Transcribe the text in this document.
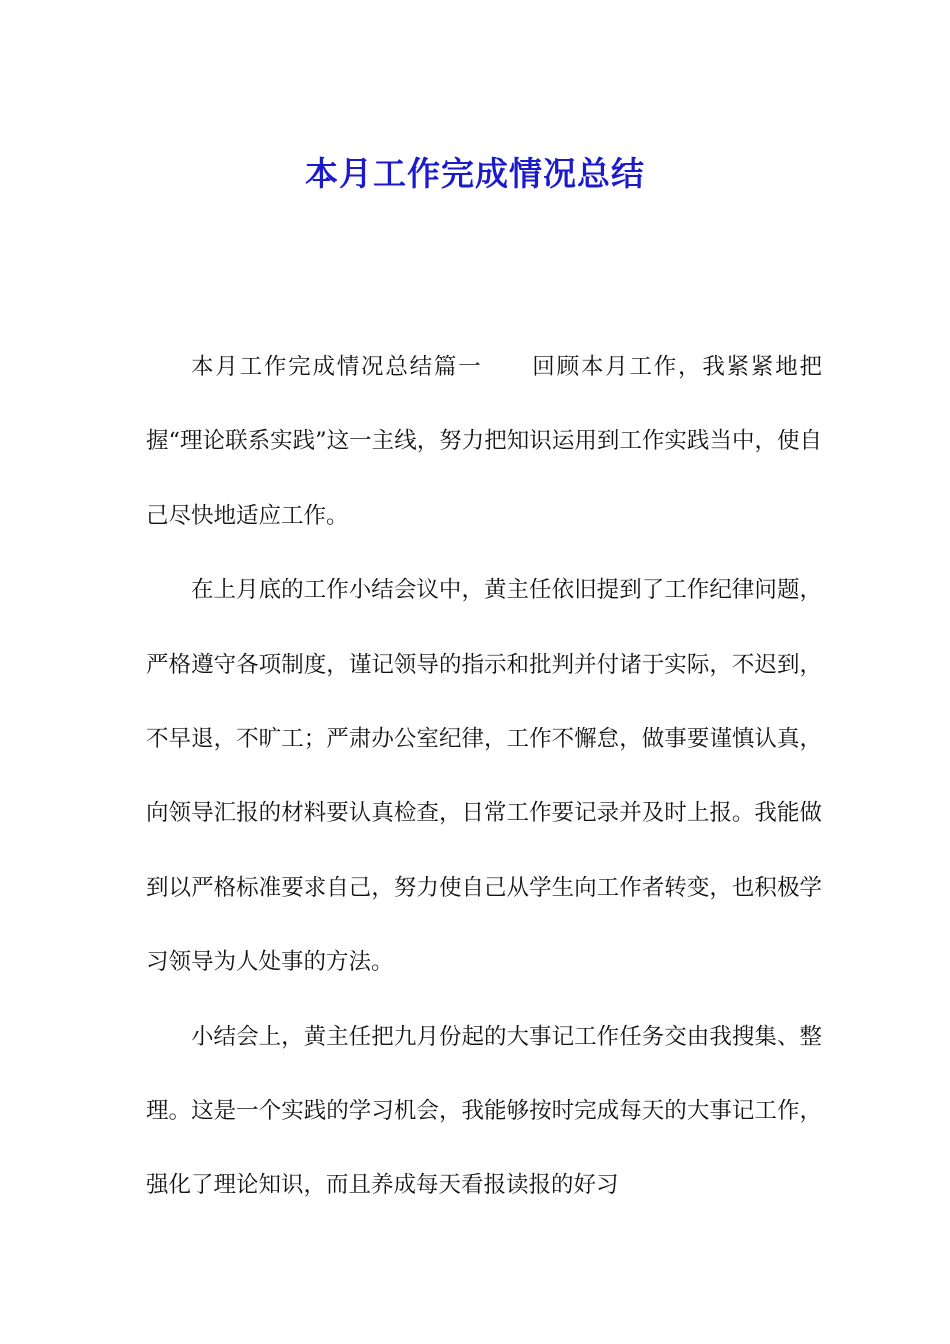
本月工作完成情况总结

本月工作完成情况总结篇一 回顾本月工作，我紧紧地把握“理论联系实践”这一主线，努力把知识运用到工作实践当中，使自己尽快地适应工作。

在上月底的工作小结会议中，黄主任依旧提到了工作纪律问题，严格遵守各项制度，谨记领导的指示和批判并付诸于实际，不迟到，不早退，不旷工；严肃办公室纪律，工作不懈怠，做事要谨慎认真，向领导汇报的材料要认真检查，日常工作要记录并及时上报。我能做到以严格标准要求自己，努力使自己从学生向工作者转变，也积极学习领导为人处事的方法。

小结会上，黄主任把九月份起的大事记工作任务交由我搜集、整理。这是一个实践的学习机会，我能够按时完成每天的大事记工作，强化了理论知识，而且养成每天看报读报的好习
